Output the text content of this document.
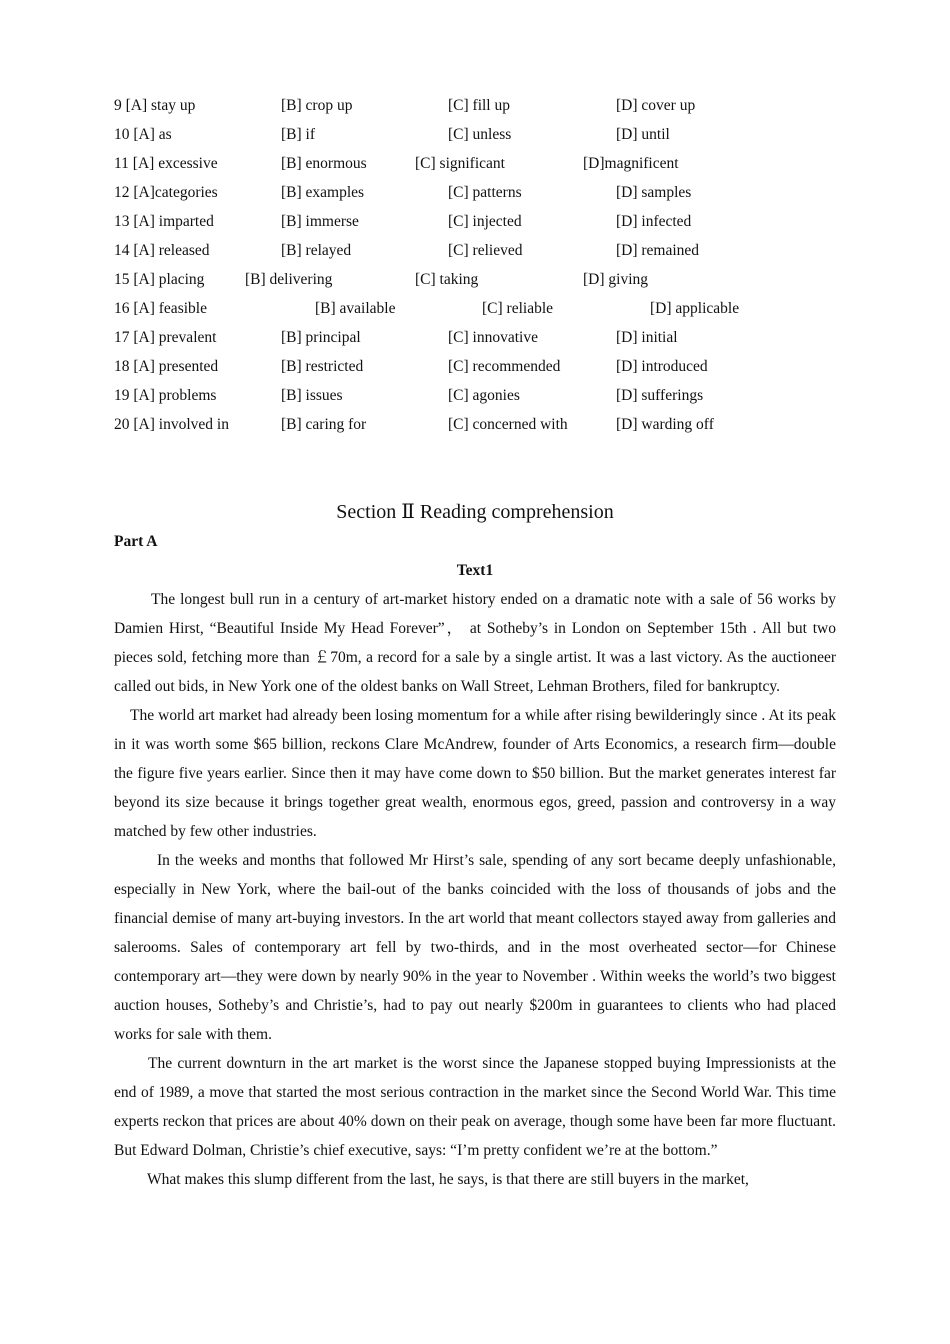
9 [A] stay up	[B] crop up	[C] fill up	[D] cover up
10 [A] as	[B] if	[C] unless	[D] until
11 [A] excessive	[B] enormous	[C] significant	[D]magnificent
12 [A]categories	[B] examples	[C] patterns	[D] samples
13 [A] imparted	[B] immerse	[C] injected	[D] infected
14 [A] released	[B] relayed	[C] relieved	[D] remained
15 [A] placing	[B] delivering	[C] taking	[D] giving
16 [A] feasible	[B] available	[C] reliable	[D] applicable
17 [A] prevalent	[B] principal	[C] innovative	[D] initial
18 [A] presented	[B] restricted	[C] recommended	[D] introduced
19 [A] problems	[B] issues	[C] agonies	[D] sufferings
20 [A] involved in	[B] caring for	[C] concerned with	[D] warding off
Section Ⅱ Reading comprehension
Part A
Text1

The longest bull run in a century of art-market history ended on a dramatic note with a sale of 56 works by Damien Hirst, “Beautiful Inside My Head Forever”， at Sotheby’s in London on September 15th . All but two pieces sold, fetching more than ￡70m, a record for a sale by a single artist. It was a last victory. As the auctioneer called out bids, in New York one of the oldest banks on Wall Street, Lehman Brothers, filed for bankruptcy.

The world art market had already been losing momentum for a while after rising bewilderingly since . At its peak in it was worth some $65 billion, reckons Clare McAndrew, founder of Arts Economics, a research firm—double the figure five years earlier. Since then it may have come down to $50 billion. But the market generates interest far beyond its size because it brings together great wealth, enormous egos, greed, passion and controversy in a way matched by few other industries.

In the weeks and months that followed Mr Hirst’s sale, spending of any sort became deeply unfashionable, especially in New York, where the bail-out of the banks coincided with the loss of thousands of jobs and the financial demise of many art-buying investors. In the art world that meant collectors stayed away from galleries and salerooms. Sales of contemporary art fell by two-thirds, and in the most overheated sector—for Chinese contemporary art—they were down by nearly 90% in the year to November . Within weeks the world’s two biggest auction houses, Sotheby’s and Christie’s, had to pay out nearly $200m in guarantees to clients who had placed works for sale with them.

The current downturn in the art market is the worst since the Japanese stopped buying Impressionists at the end of 1989, a move that started the most serious contraction in the market since the Second World War. This time experts reckon that prices are about 40% down on their peak on average, though some have been far more fluctuant. But Edward Dolman, Christie’s chief executive, says: “I’m pretty confident we’re at the bottom.”

What makes this slump different from the last, he says, is that there are still buyers in the market,
